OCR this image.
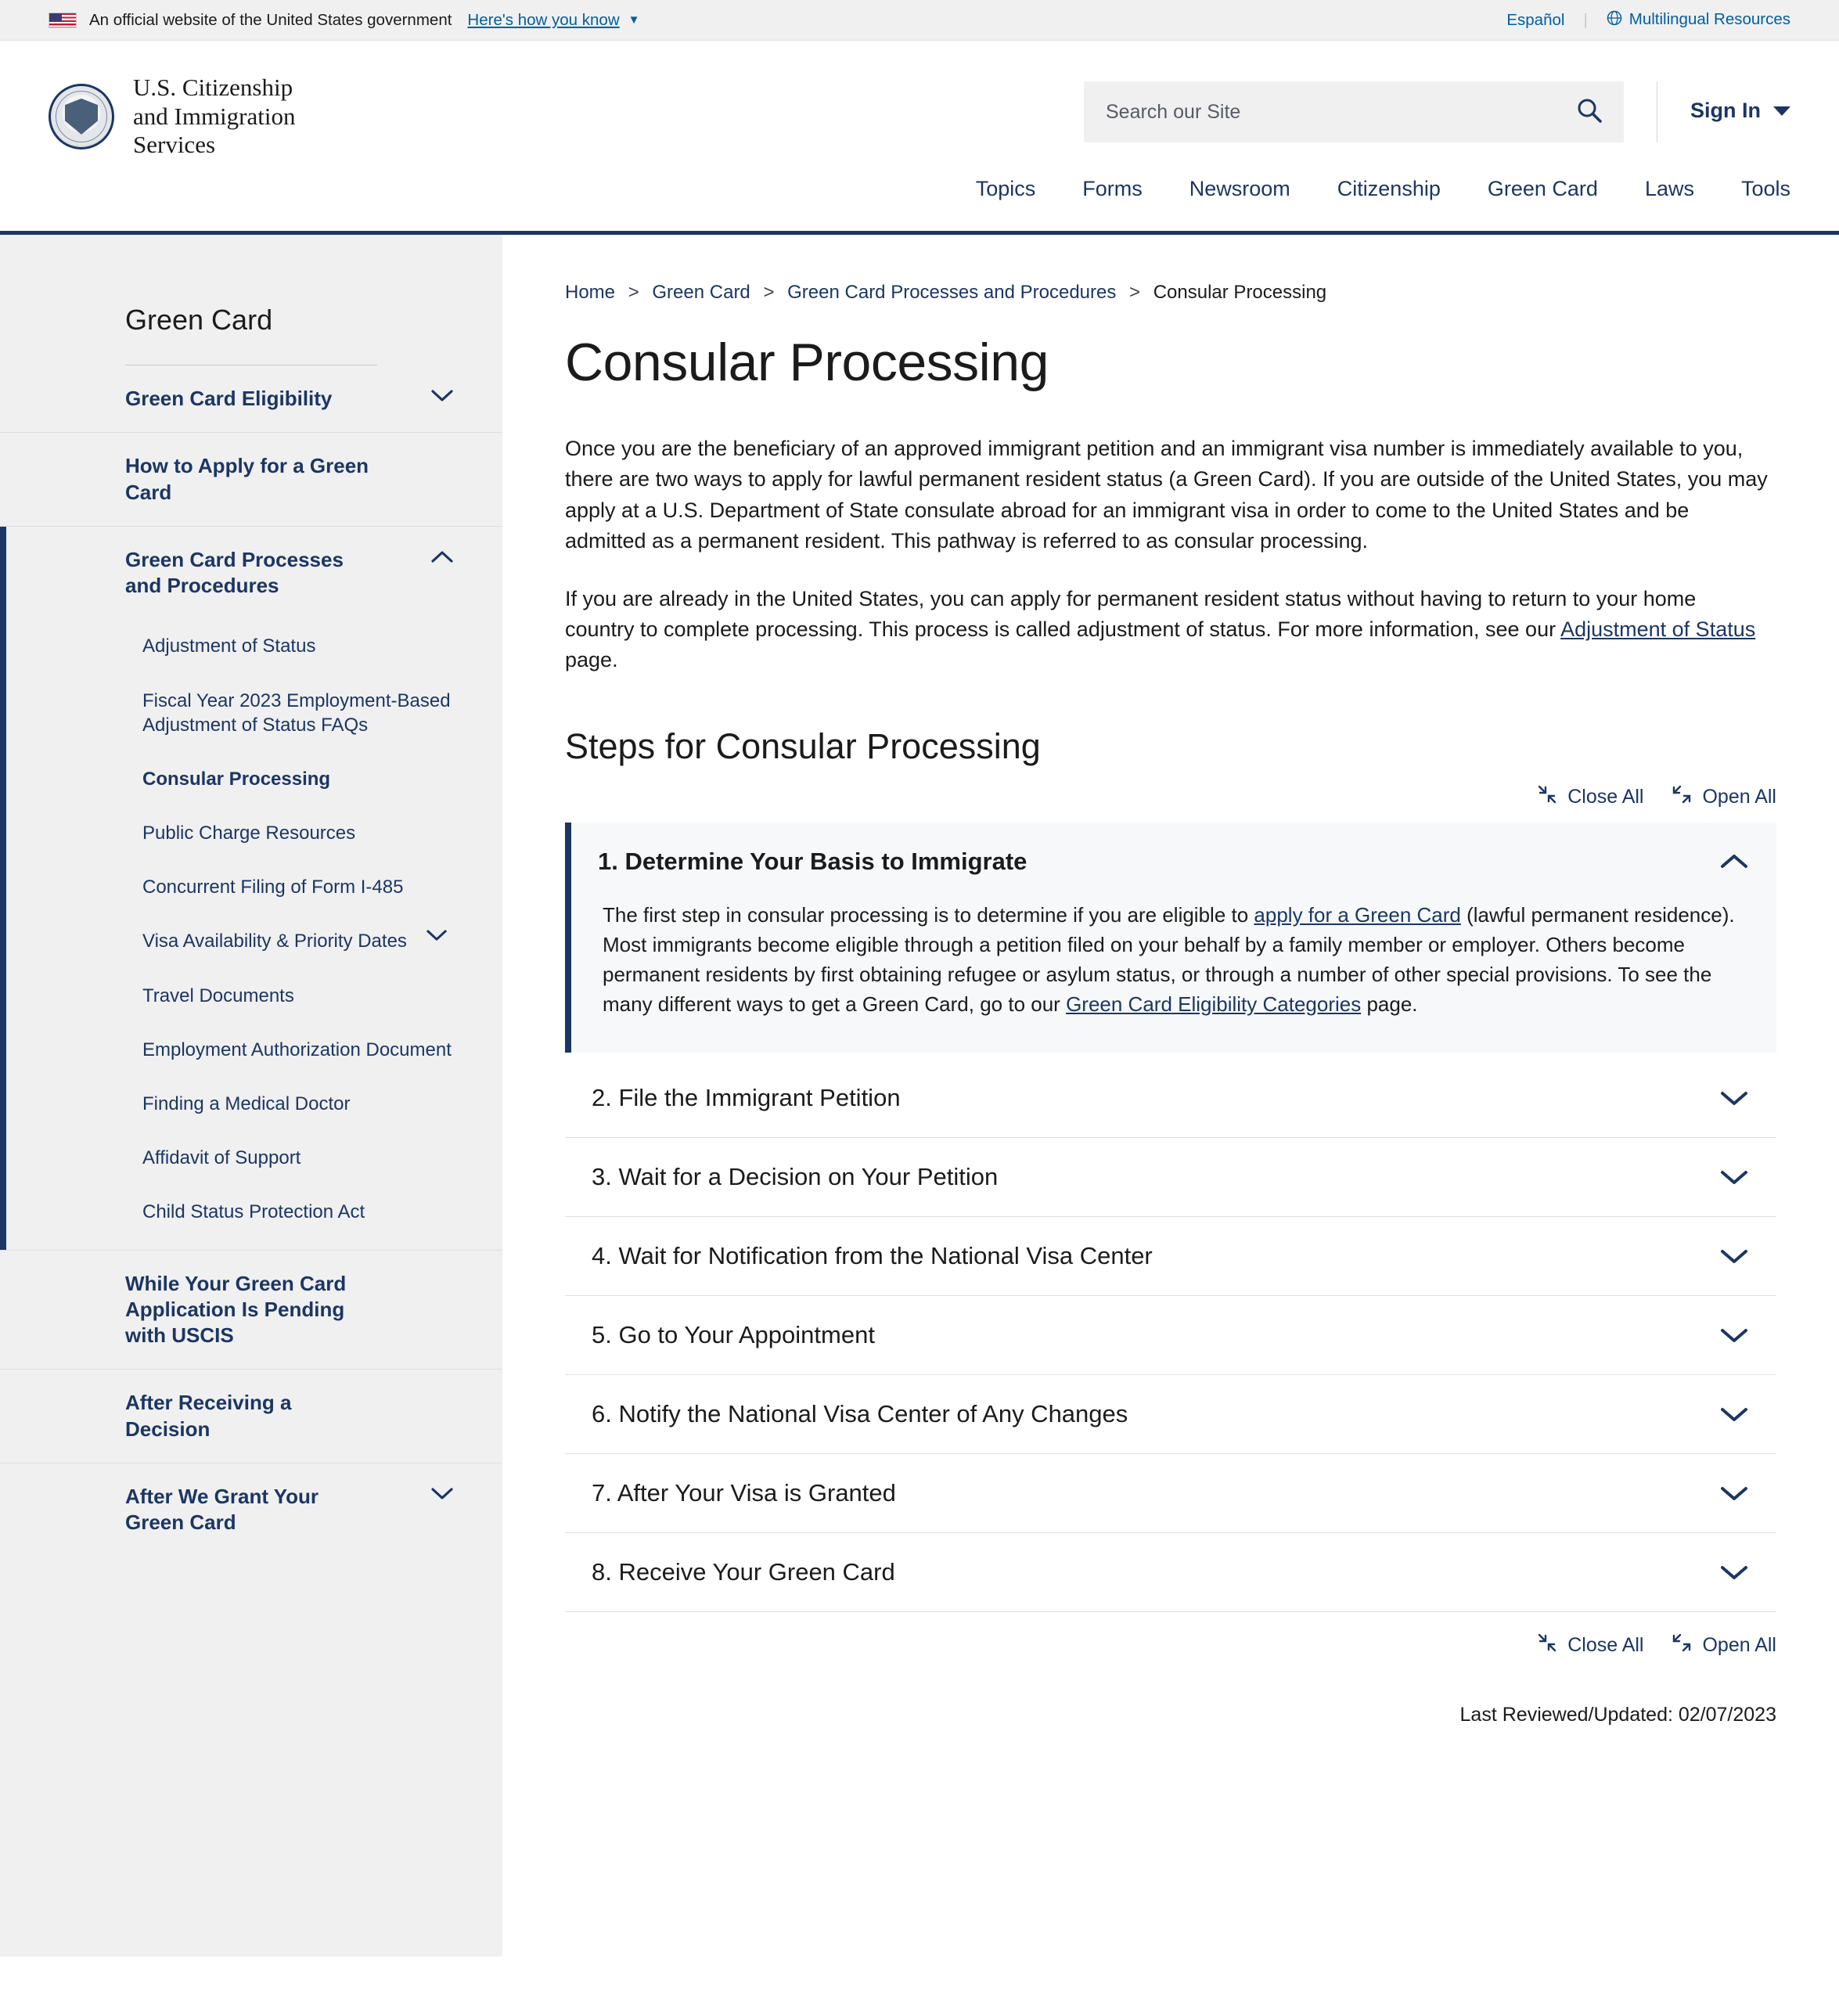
An official website of the United States government Here's how you know ▼	Español |	Multilingual Resources
U.S. Citizenship
and Immigration
Services
Search our Site
Sign In
Topics Forms Newsroom Citizenship Green Card Laws Tools
Green Card
Green Card Eligibility
How to Apply for a Green Card
Green Card Processes and Procedures
Adjustment of Status
Fiscal Year 2023 Employment-Based Adjustment of Status FAQs
Consular Processing
Public Charge Resources
Concurrent Filing of Form I-485
Visa Availability & Priority Dates
Travel Documents
Employment Authorization Document
Finding a Medical Doctor
Affidavit of Support
Child Status Protection Act
While Your Green Card Application Is Pending with USCIS
After Receiving a Decision
After We Grant Your Green Card
Home > Green Card > Green Card Processes and Procedures > Consular Processing
Consular Processing

Once you are the beneficiary of an approved immigrant petition and an immigrant visa number is immediately available to you, there are two ways to apply for lawful permanent resident status (a Green Card). If you are outside of the United States, you may apply at a U.S. Department of State consulate abroad for an immigrant visa in order to come to the United States and be admitted as a permanent resident. This pathway is referred to as consular processing.

If you are already in the United States, you can apply for permanent resident status without having to return to your home country to complete processing. This process is called adjustment of status. For more information, see our Adjustment of Status page.

Steps for Consular Processing
Close All	Open All
1. Determine Your Basis to Immigrate
The first step in consular processing is to determine if you are eligible to apply for a Green Card (lawful permanent residence). Most immigrants become eligible through a petition filed on your behalf by a family member or employer. Others become permanent residents by first obtaining refugee or asylum status, or through a number of other special provisions. To see the many different ways to get a Green Card, go to our Green Card Eligibility Categories page.
2. File the Immigrant Petition
3. Wait for a Decision on Your Petition
4. Wait for Notification from the National Visa Center
5. Go to Your Appointment
6. Notify the National Visa Center of Any Changes
7. After Your Visa is Granted
8. Receive Your Green Card
Close All	Open All
Last Reviewed/Updated: 02/07/2023
